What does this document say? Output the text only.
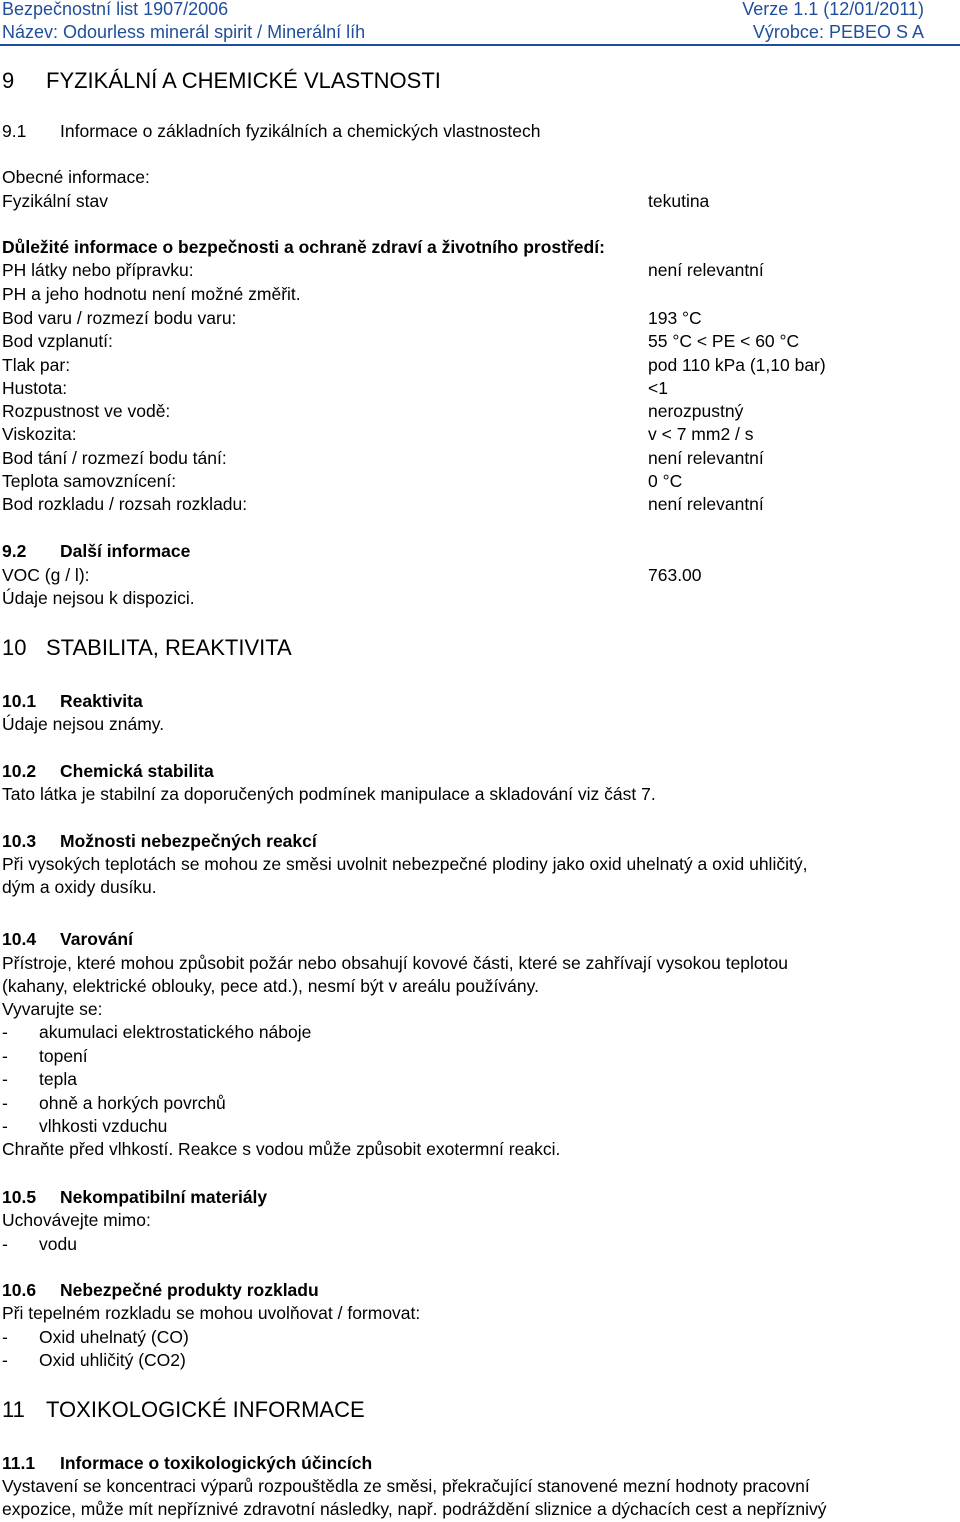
Bezpečnostní list 1907/2006	Verze 1.1 (12/01/2011)
Název: Odourless minerál spirit / Minerální líh	Výrobce: PEBEO S A
9 FYZIKÁLNÍ A CHEMICKÉ VLASTNOSTI
9.1 Informace o základních fyzikálních a chemických vlastnostech
Obecné informace:
Fyzikální stav	tekutina
Důležité informace o bezpečnosti a ochraně zdraví a životního prostředí:
PH látky nebo přípravku:	není relevantní
PH a jeho hodnotu není možné změřit.
Bod varu / rozmezí bodu varu:	193 °C
Bod vzplanutí:	55 °C < PE < 60 °C
Tlak par:	pod 110 kPa (1,10 bar)
Hustota:	<1
Rozpustnost ve vodě:	nerozpustný
Viskozita:	v < 7 mm2 / s
Bod tání / rozmezí bodu tání:	není relevantní
Teplota samovznícení:	0 °C
Bod rozkladu / rozsah rozkladu:	není relevantní
9.2 Další informace
VOC (g / l):	763.00
Údaje nejsou k dispozici.
10 STABILITA, REAKTIVITA
10.1 Reaktivita
Údaje nejsou známy.
10.2 Chemická stabilita
Tato látka je stabilní za doporučených podmínek manipulace a skladování viz část 7.
10.3 Možnosti nebezpečných reakcí
Při vysokých teplotách se mohou ze směsi uvolnit nebezpečné plodiny jako oxid uhelnatý a oxid uhličitý,
dým a oxidy dusíku.
10.4 Varování
Přístroje, které mohou způsobit požár nebo obsahují kovové části, které se zahřívají vysokou teplotou
(kahany, elektrické oblouky, pece atd.), nesmí být v areálu používány.
Vyvarujte se:
- akumulaci elektrostatického náboje
- topení
- tepla
- ohně a horkých povrchů
- vlhkosti vzduchu
Chraňte před vlhkostí. Reakce s vodou může způsobit exotermní reakci.
10.5 Nekompatibilní materiály
Uchovávejte mimo:
- vodu
10.6 Nebezpečné produkty rozkladu
Při tepelném rozkladu se mohou uvolňovat / formovat:
- Oxid uhelnatý (CO)
- Oxid uhličitý (CO2)
11 TOXIKOLOGICKÉ INFORMACE
11.1 Informace o toxikologických účincích
Vystavení se koncentraci výparů rozpouštědla ze směsi, překračující stanovené mezní hodnoty pracovní
expozice, může mít nepříznivé zdravotní následky, např. podráždění sliznice a dýchacích cest a nepříznivý
